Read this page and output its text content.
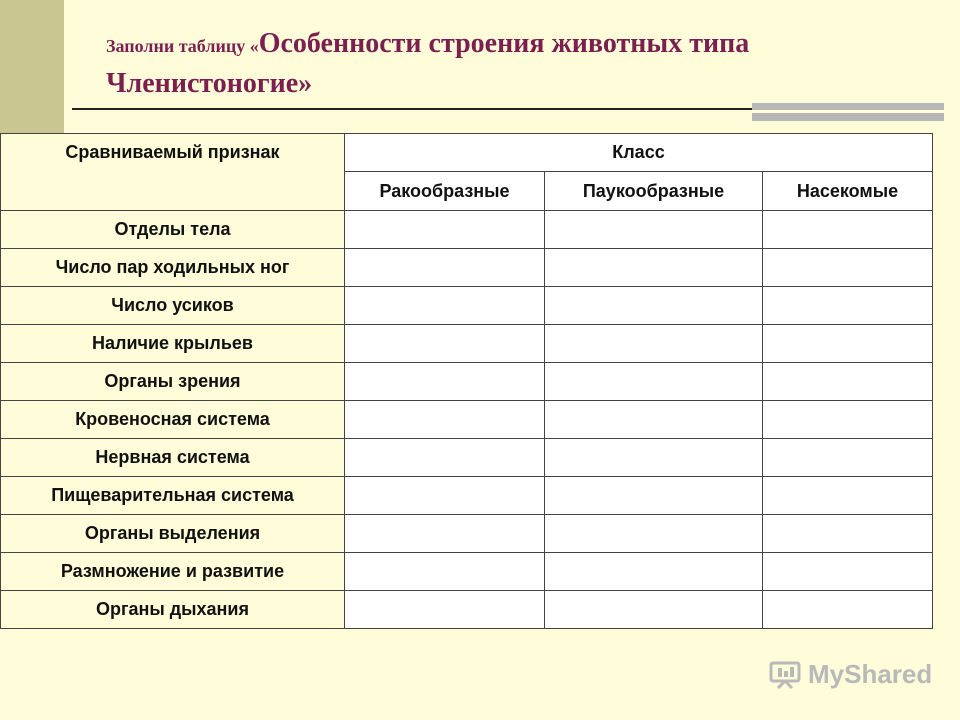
Заполни таблицу «Особенности строения животных типа Членистоногие»
Сравниваемый признак	Класс		
	Ракообразные	Паукообразные	Насекомые
Отделы тела			
Число пар ходильных ног			
Число усиков			
Наличие крыльев			
Органы зрения			
Кровеносная система			
Нервная система			
Пищеварительная система			
Органы выделения			
Размножение и развитие			
Органы дыхания			
MyShared
